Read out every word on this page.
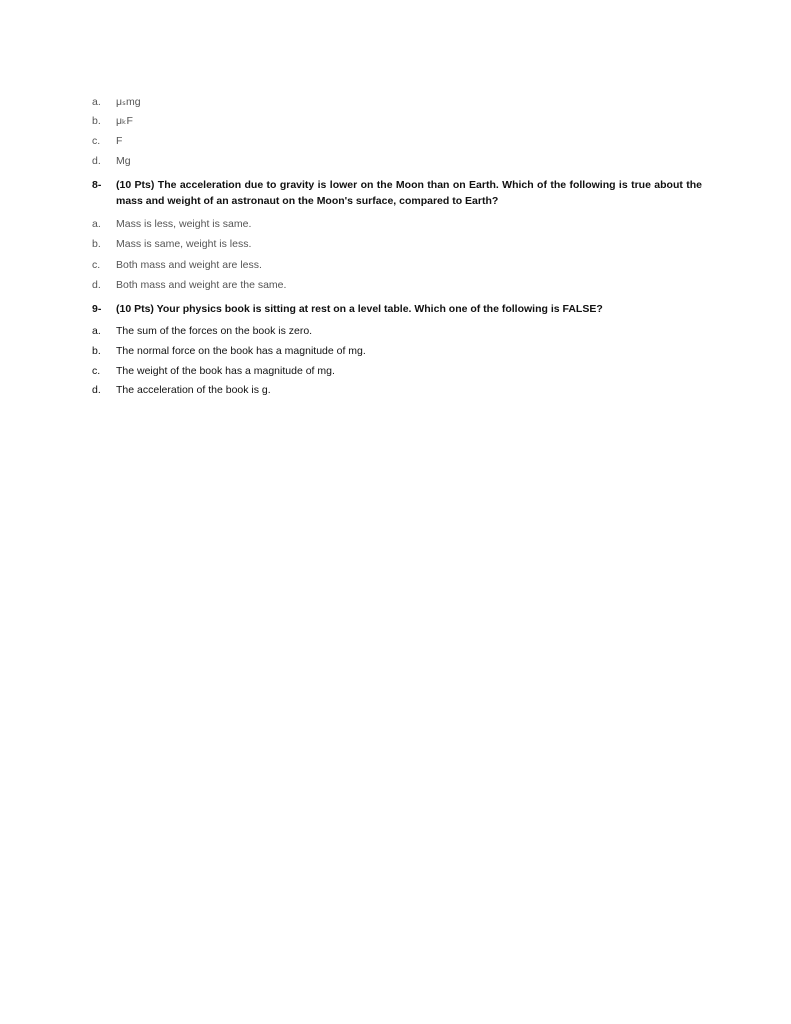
a. μₛmg
b. μₖF
c. F
d. Mg
8- (10 Pts) The acceleration due to gravity is lower on the Moon than on Earth. Which of the following is true about the mass and weight of an astronaut on the Moon's surface, compared to Earth?
a. Mass is less, weight is same.
b. Mass is same, weight is less.
c. Both mass and weight are less.
d. Both mass and weight are the same.
9- (10 Pts) Your physics book is sitting at rest on a level table. Which one of the following is FALSE?
a. The sum of the forces on the book is zero.
b. The normal force on the book has a magnitude of mg.
c. The weight of the book has a magnitude of mg.
d. The acceleration of the book is g.
